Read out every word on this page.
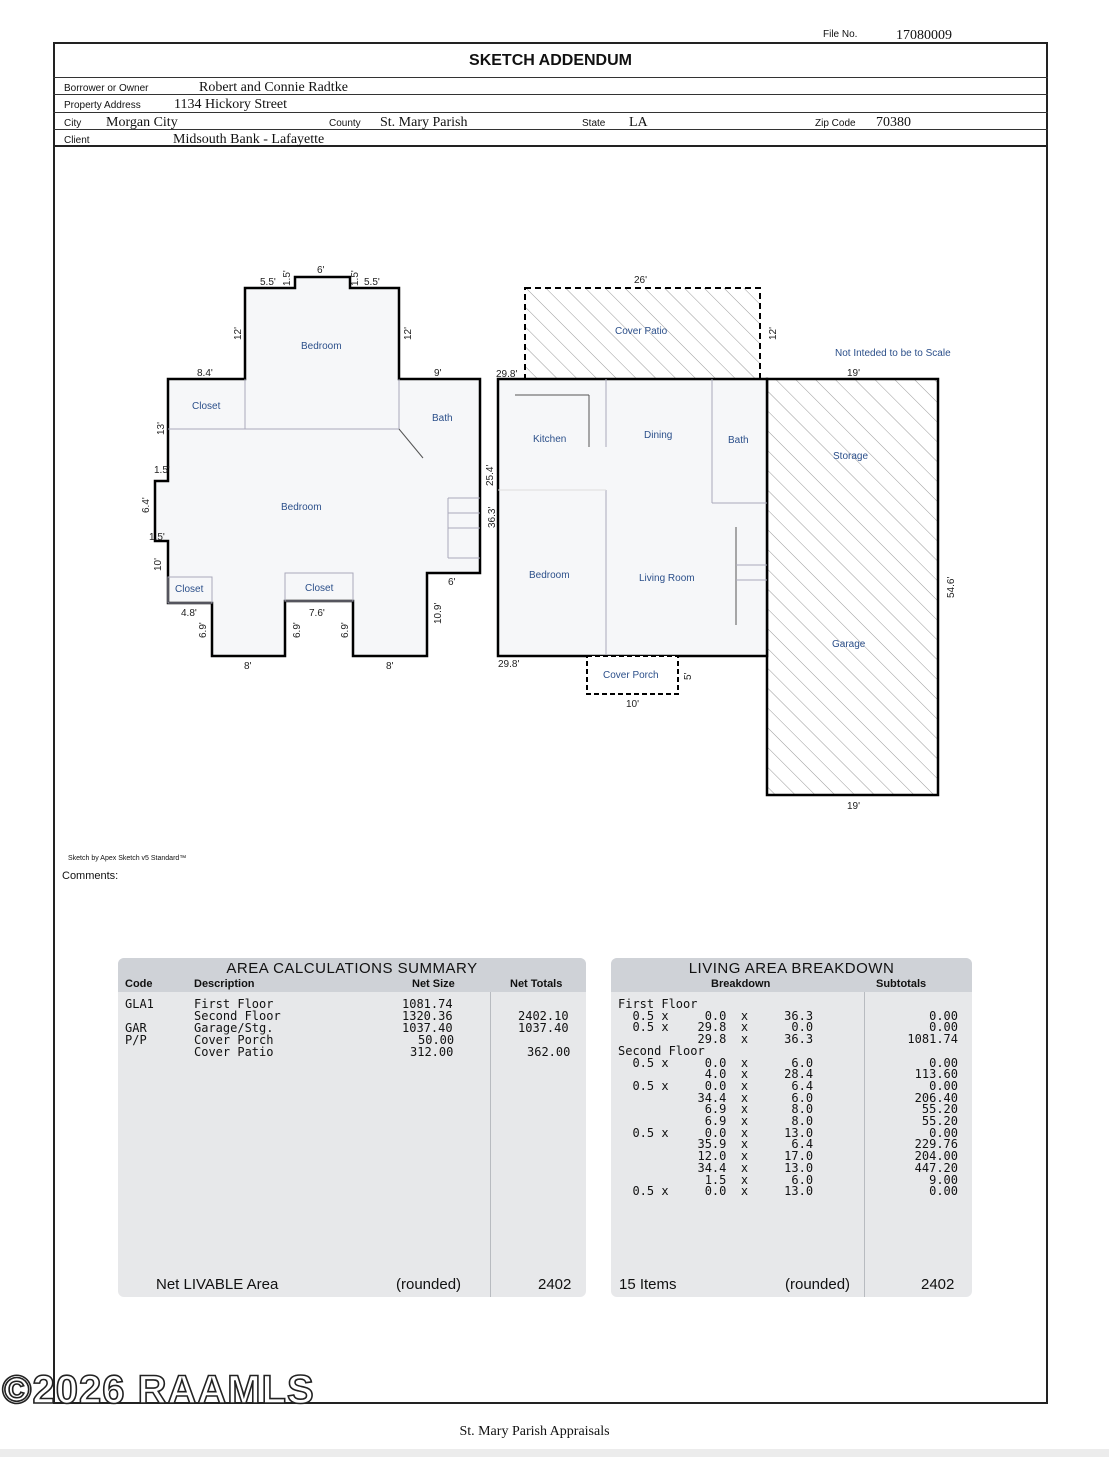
File No.	17080009
SKETCH ADDENDUM
Borrower or Owner	Robert and Connie Radtke
Property Address 1134 Hickory Street
City Morgan City	County St. Mary Parish	State LA	Zip Code 70380
Client	Midsouth Bank - Lafayette
Bedroom
Closet
Bath
Bedroom
Closet	Closet
Cover Patio
Kitchen	Dining	Bath
Bedroom	Living Room
Cover Porch
Storage
Garage
Not Inteded to be to Scale
5.5' 1.5' 6'	1.5' 5.5'
12'	12'
8.4'	9'
13'
1.5'
6.4'
1.5'
10'
25.4'
6'
4.8'	7.6'
6.9'	6.9'	6.9'
10.9'
8'	8'
26'
12'
29.8'	19'
36.3'
54.6'
29.8'
5'
10'
19'
Sketch by Apex Sketch v5 Standard™
Comments:
AREA CALCULATIONS SUMMARY
Code	Description	Net Size	Net Totals
GLA1	First Floor	1081.74
Second Floor	1320.36	2402.10
GAR	Garage/Stg.	1037.40	1037.40
P/P	Cover Porch	50.00
Cover Patio	312.00	362.00
Net LIVABLE Area	(rounded)	2402
LIVING AREA BREAKDOWN
Breakdown	Subtotals
First Floor
0.5 x     0.0  x     36.3	0.00
0.5 x    29.8  x      0.0	0.00
29.8  x     36.3	1081.74
Second Floor
0.5 x     0.0  x      6.0	0.00
4.0  x     28.4	113.60
0.5 x     0.0  x      6.4	0.00
34.4  x      6.0	206.40
6.9  x      8.0	55.20
6.9  x      8.0	55.20
0.5 x     0.0  x     13.0	0.00
35.9  x      6.4	229.76
12.0  x     17.0	204.00
34.4  x     13.0	447.20
1.5  x      6.0	9.00
0.5 x     0.0  x     13.0	0.00
15 Items	(rounded)	2402
©2026 RAAMLS
St. Mary Parish Appraisals
